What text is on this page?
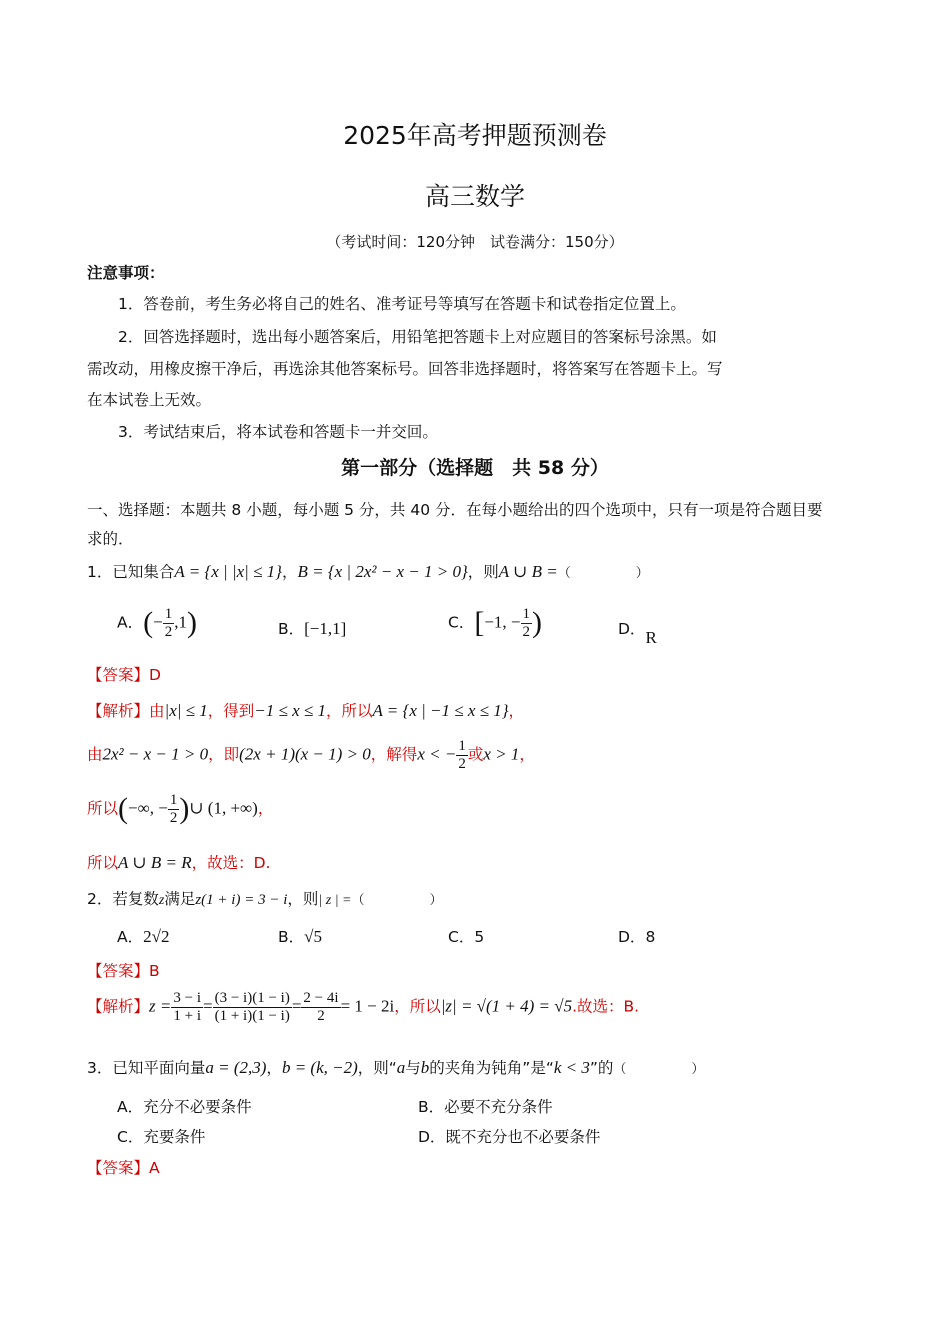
2025年高考押题预测卷
高三数学
（考试时间：120分钟　试卷满分：150分）
注意事项：
1．答卷前，考生务必将自己的姓名、准考证号等填写在答题卡和试卷指定位置上。
2．回答选择题时，选出每小题答案后，用铅笔把答题卡上对应题目的答案标号涂黑。如
需改动，用橡皮擦干净后，再选涂其他答案标号。回答非选择题时，将答案写在答题卡上。写
在本试卷上无效。
3．考试结束后，将本试卷和答题卡一并交回。
第一部分（选择题　共 58 分）
一、选择题：本题共 8 小题，每小题 5 分，共 40 分．在每小题给出的四个选项中，只有一项是符合题目要
求的．
1．已知集合A = {x | |x| ≤ 1}，B = {x | 2x² − x − 1 > 0}，则A ∪ B =（　　　　　）
A．(− $\frac{1}{2} ,1$)	B．[−1,1]	C．[−1, − $\frac{1}{2}$ )	D．R
【答案】D
【解析】由|x| ≤ 1，得到−1 ≤ x ≤ 1，所以A = {x | −1 ≤ x ≤ 1}，
由2x² − x − 1 > 0，即(2x + 1)(x − 1) > 0，解得x < − $\frac{1}{2}$ 或x > 1，
所以(−∞, − $\frac{1}{2}$ )∪ (1, +∞)，
所以A ∪ B = R，故选：D.
2．若复数z满足z(1 + i) = 3 − i，则| z | =（　　　　　）
A．2√2	B．√5	C．5	D．8
【答案】B
【解析】$z = \frac{3 - i}{1 + i} = \frac{(3 - i)(1 - i)}{(1 + i)(1 - i)} = \frac{2 - 4i}{2} = 1 - 2i$，所以|z| = √(1 + 4) = √5.故选：B.
3．已知平面向量a = (2,3)，b = (k, −2)，则“a与b的夹角为钝角”是“k < 3”的（　　　　　）
A．充分不必要条件	B．必要不充分条件
C．充要条件	D．既不充分也不必要条件
【答案】A
